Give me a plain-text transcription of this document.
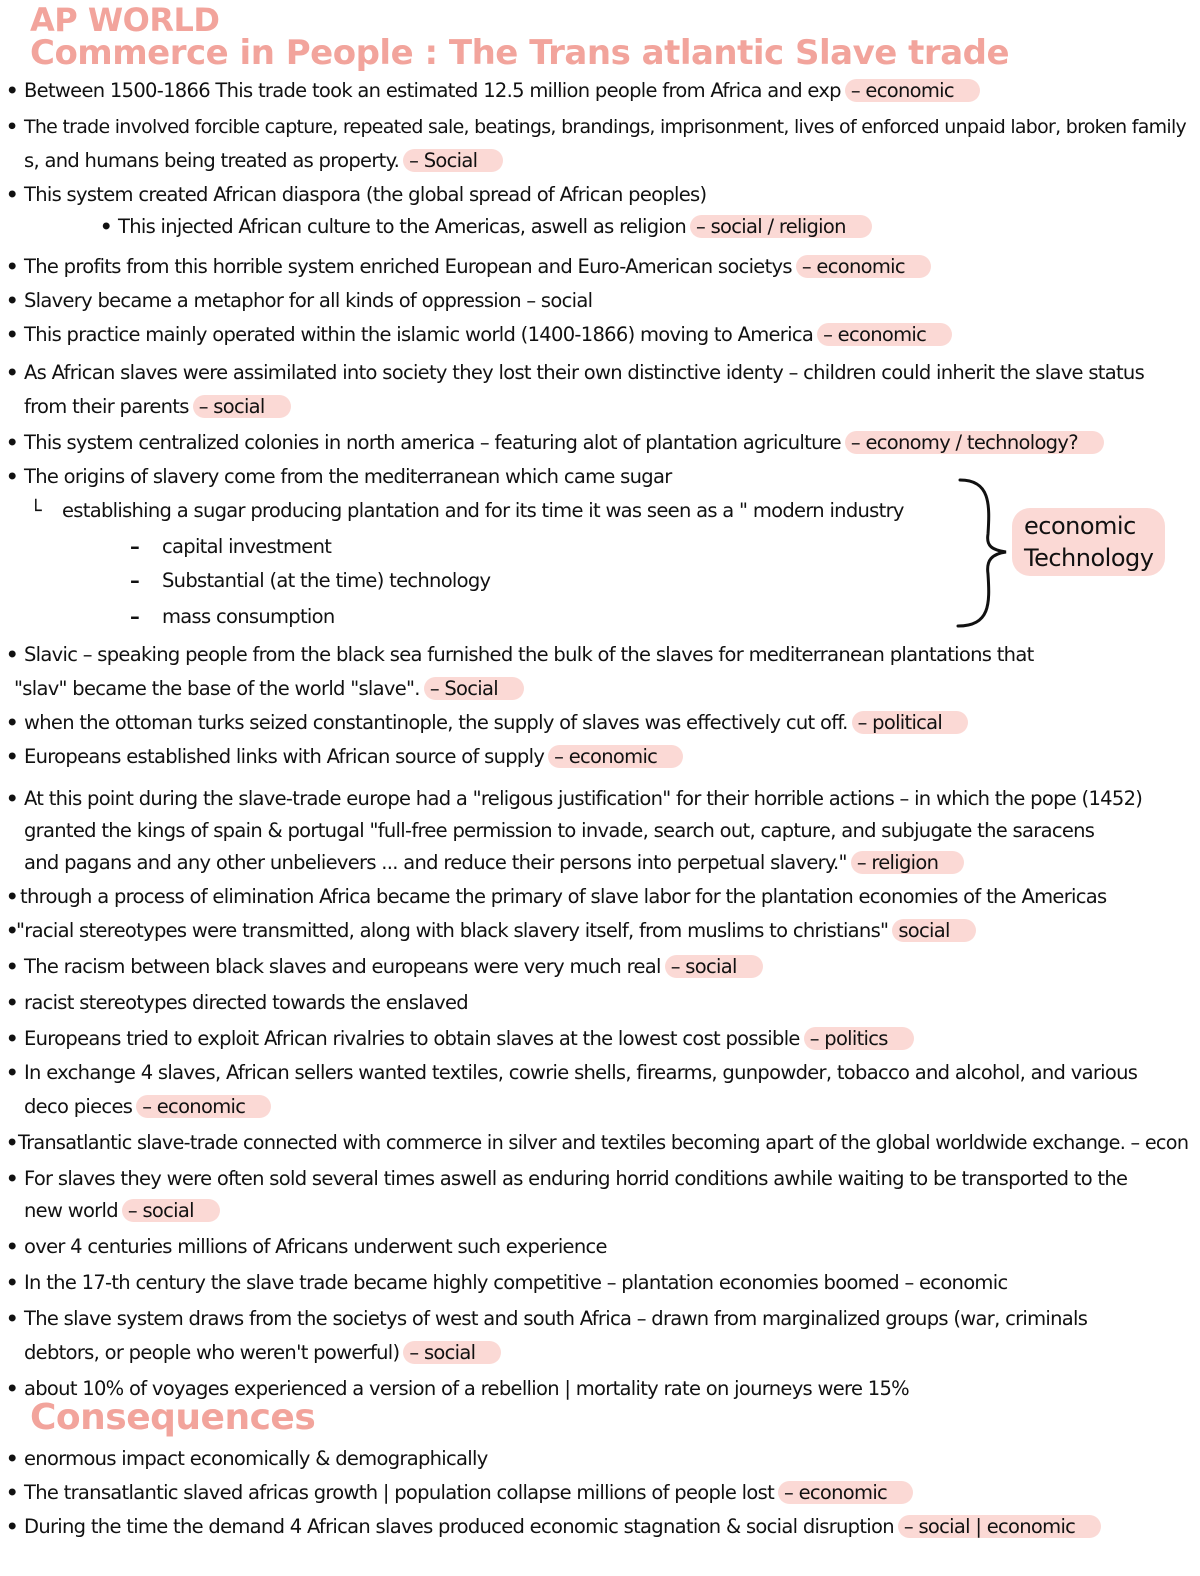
AP WORLD
Commerce in People : The Trans atlantic Slave trade
• Between 1500-1866 This trade took an estimated 12.5 million people from Africa and exp – economic
• The trade involved forcible capture, repeated sale, beatings, brandings, imprisonment, lives of enforced unpaid labor, broken family
s, and humans being treated as property. – Social
• This system created African diaspora (the global spread of African peoples)
• This injected African culture to the Americas, aswell as religion – social / religion
• The profits from this horrible system enriched European and Euro-American societys – economic
• Slavery became a metaphor for all kinds of oppression – social
• This practice mainly operated within the islamic world (1400-1866) moving to America – economic
• As African slaves were assimilated into society they lost their own distinctive identy – children could inherit the slave status
from their parents – social
• This system centralized colonies in north america – featuring alot of plantation agriculture – economy / technology?
• The origins of slavery come from the mediterranean which came sugar
└ establishing a sugar producing plantation and for its time it was seen as a " modern industry
– capital investment
– Substantial (at the time) technology
– mass consumption
economic
Technology
• Slavic – speaking people from the black sea furnished the bulk of the slaves for mediterranean plantations that
"slav" became the base of the world "slave". – Social
• when the ottoman turks seized constantinople, the supply of slaves was effectively cut off. – political
• Europeans established links with African source of supply – economic
• At this point during the slave-trade europe had a "religous justification" for their horrible actions – in which the pope (1452)
granted the kings of spain & portugal "full-free permission to invade, search out, capture, and subjugate the saracens
and pagans and any other unbelievers ... and reduce their persons into perpetual slavery." – religion
• through a process of elimination Africa became the primary of slave labor for the plantation economies of the Americas
•
"racial stereotypes were transmitted, along with black slavery itself, from muslims to christians" social
• The racism between black slaves and europeans were very much real – social
• racist stereotypes directed towards the enslaved
• Europeans tried to exploit African rivalries to obtain slaves at the lowest cost possible – politics
• In exchange 4 slaves, African sellers wanted textiles, cowrie shells, firearms, gunpowder, tobacco and alcohol, and various
deco pieces – economic
• Transatlantic slave-trade connected with commerce in silver and textiles becoming apart of the global worldwide exchange. – econ
• For slaves they were often sold several times aswell as enduring horrid conditions awhile waiting to be transported to the
new world – social
• over 4 centuries millions of Africans underwent such experience
• In the 17-th century the slave trade became highly competitive – plantation economies boomed – economic
• The slave system draws from the societys of west and south Africa – drawn from marginalized groups (war, criminals
debtors, or people who weren't powerful) – social
• about 10% of voyages experienced a version of a rebellion | mortality rate on journeys were 15%
Consequences
• enormous impact economically & demographically
• The transatlantic slaved africas growth | population collapse millions of people lost – economic
• During the time the demand 4 African slaves produced economic stagnation & social disruption – social | economic
